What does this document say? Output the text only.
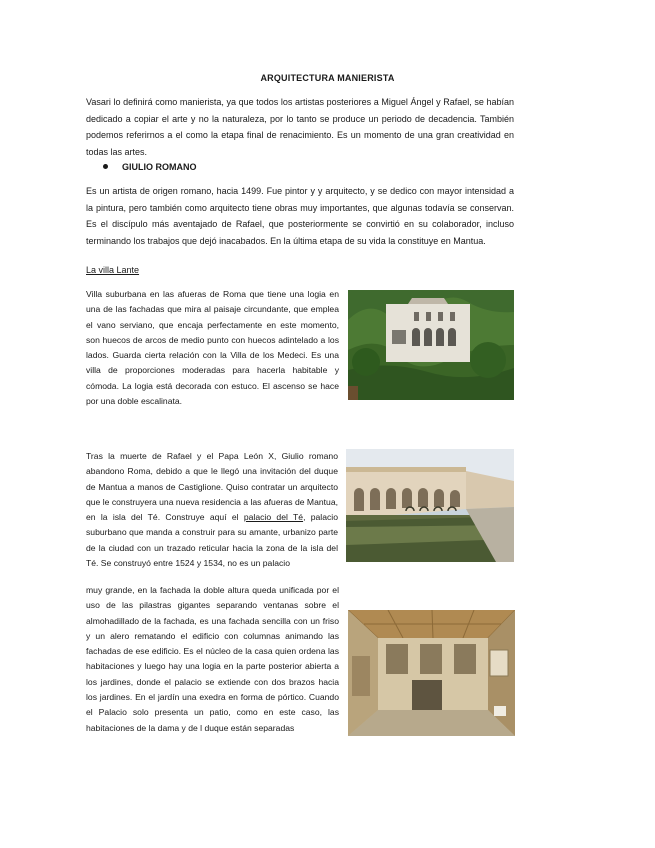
ARQUITECTURA MANIERISTA

Vasari lo definirá como manierista, ya que todos los artistas posteriores a Miguel Ángel y Rafael, se habían dedicado a copiar el arte y no la naturaleza, por lo tanto se produce un periodo de decadencia. También podemos referirnos a el como la etapa final de renacimiento. Es un momento de una gran creatividad en todas las artes.

GIULIO ROMANO

Es un artista de origen romano, hacia 1499. Fue pintor y y arquitecto, y se dedico con mayor intensidad a la pintura, pero también como arquitecto tiene obras muy importantes, que algunas todavía se conservan. Es el discípulo más aventajado de Rafael, que posteriormente se convirtió en su colaborador, incluso terminando los trabajos que dejó inacabados. En la última etapa de su vida la constituye en Mantua.

La villa Lante

Villa suburbana en las afueras de Roma que tiene una logia en una de las fachadas que mira al paisaje circundante, que emplea el vano serviano, que encaja perfectamente en este momento, son huecos de arcos de medio punto con huecos adintelado a los lados. Guarda cierta relación con la Villa de los Medeci. Es una villa de proporciones moderadas para hacerla habitable y cómoda. La logia está decorada con estuco. El ascenso se hace por una doble escalinata.

Tras la muerte de Rafael y el Papa León X, Giulio romano abandono Roma, debido a que le llegó una invitación del duque de Mantua a manos de Castiglione. Quiso contratar un arquitecto que le construyera una nueva residencia a las afueras de Mantua, en la isla del Té. Construye aquí el palacio del Té, palacio suburbano que manda a construir para su amante, urbanizo parte de la ciudad con un trazado reticular hacia la zona de la isla del Té. Se construyó entre 1524 y 1534, no es un palacio

muy grande, en la fachada la doble altura queda unificada por el uso de las pilastras gigantes separando ventanas sobre el almohadillado de la fachada, es una fachada sencilla con un friso y un alero rematando el edificio con columnas animando las fachadas de ese edificio. Es el núcleo de la casa quien ordena las habitaciones y luego hay una logia en la parte posterior abierta a los jardines, donde el palacio se extiende con dos brazos hacia los jardines. En el jardín una exedra en forma de pórtico. Cuando el Palacio solo presenta un patio, como en este caso, las habitaciones de la dama y de l duque están separadas
